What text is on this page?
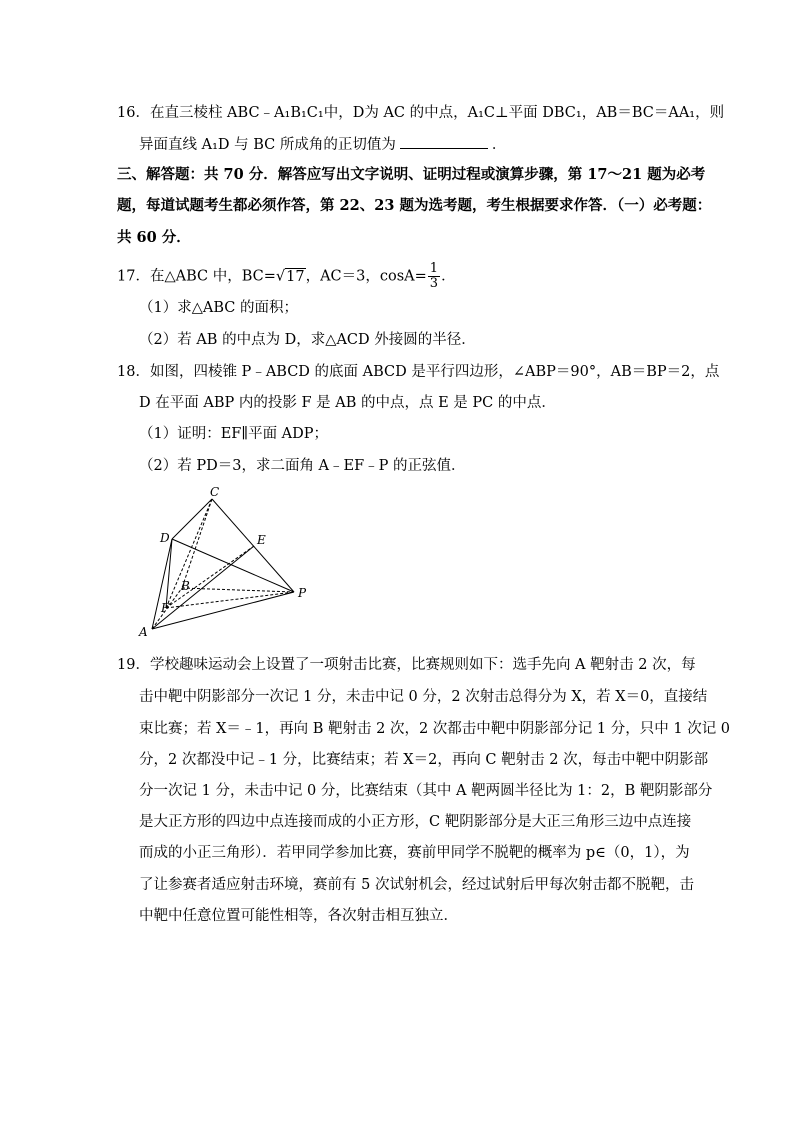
16．在直三棱柱 ABC﹣A₁B₁C₁中，D为 AC 的中点，A₁C⊥平面 DBC₁，AB＝BC＝AA₁，则
异面直线 A₁D 与 BC 所成角的正切值为	．
三、解答题：共 70 分．解答应写出文字说明、证明过程或演算步骤，第 17～21 题为必考
题，每道试题考生都必须作答，第 22、23 题为选考题，考生根据要求作答．（一）必考题：
共 60 分．
17．在△ABC 中，BC=√17，AC＝3，$\cos A= \frac{1}{3}$ ．
（1）求△ABC 的面积；
（2）若 AB 的中点为 D，求△ACD 外接圆的半径．
18．如图，四棱锥 P﹣ABCD 的底面 ABCD 是平行四边形，∠ABP＝90°，AB＝BP＝2，点
D 在平面 ABP 内的投影 F 是 AB 的中点，点 E 是 PC 的中点．
（1）证明：EF∥平面 ADP；
（2）若 PD＝3，求二面角 A﹣EF﹣P 的正弦值．
C
D	E
B
F
P
A
19．学校趣味运动会上设置了一项射击比赛，比赛规则如下：选手先向 A 靶射击 2 次，每
击中靶中阴影部分一次记 1 分，未击中记 0 分，2 次射击总得分为 X，若 X＝0，直接结
束比赛；若 X＝﹣1，再向 B 靶射击 2 次，2 次都击中靶中阴影部分记 1 分，只中 1 次记 0
分，2 次都没中记﹣1 分，比赛结束；若 X＝2，再向 C 靶射击 2 次，每击中靶中阴影部
分一次记 1 分，未击中记 0 分，比赛结束（其中 A 靶两圆半径比为 1：2，B 靶阴影部分
是大正方形的四边中点连接而成的小正方形，C 靶阴影部分是大正三角形三边中点连接
而成的小正三角形）．若甲同学参加比赛，赛前甲同学不脱靶的概率为 p∈（0，1），为
了让参赛者适应射击环境，赛前有 5 次试射机会，经过试射后甲每次射击都不脱靶，击
中靶中任意位置可能性相等，各次射击相互独立．
